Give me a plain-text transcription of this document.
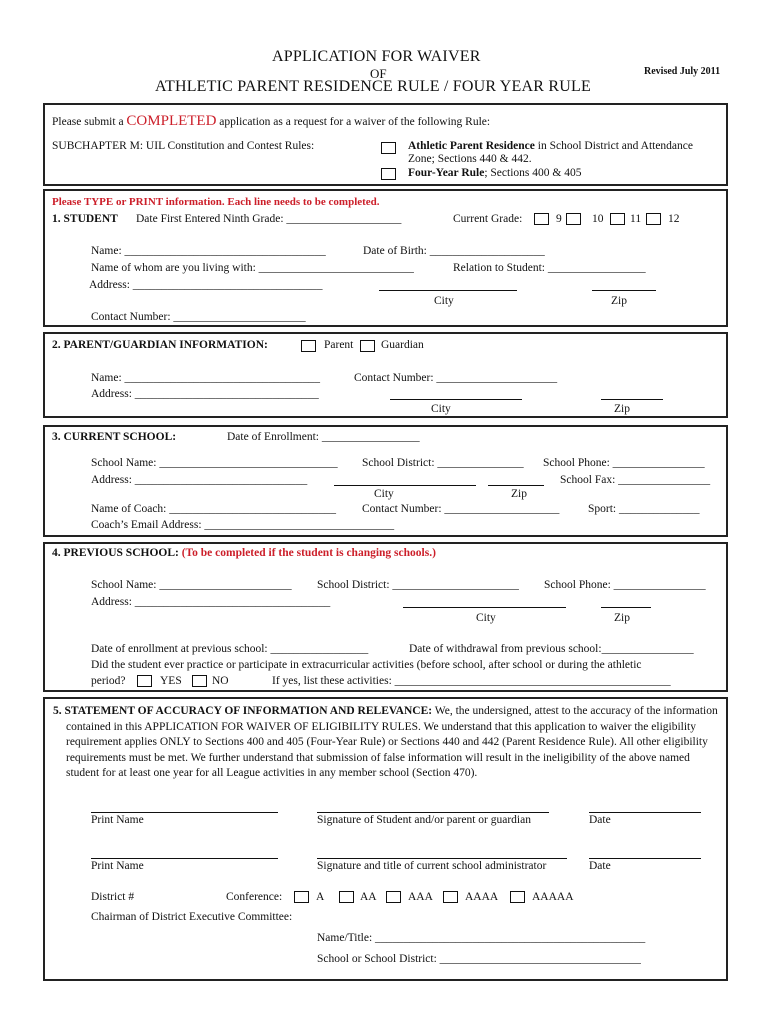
APPLICATION FOR WAIVER
OF
ATHLETIC PARENT RESIDENCE RULE / FOUR YEAR RULE
Revised July 2011
Please submit a COMPLETED application as a request for a waiver of the following Rule:
SUBCHAPTER M: UIL Constitution and Contest Rules:	Athletic Parent Residence in School District and Attendance
Zone; Sections 440 & 442.
Four-Year Rule; Sections 400 & 405
Please TYPE or PRINT information. Each line needs to be completed.
1. STUDENT Date First Entered Ninth Grade: ____________________	Current Grade:	9	10 11 12
Name: ___________________________________	Date of Birth: ____________________
Name of whom are you living with: ___________________________	Relation to Student: _________________
Address: _________________________________
City	Zip
Contact Number: _______________________
2. PARENT/GUARDIAN INFORMATION:	Parent Guardian
Name: __________________________________	Contact Number: _____________________
Address: ________________________________
City	Zip
3. CURRENT SCHOOL:	Date of Enrollment: _________________
School Name: _______________________________ School District: _______________ School Phone: ________________
Address: ______________________________	School Fax: ________________
City	Zip
Name of Coach: _____________________________ Contact Number: ____________________ Sport: ______________
Coach’s Email Address: _________________________________
4. PREVIOUS SCHOOL: (To be completed if the student is changing schools.)
School Name: _______________________ School District: ______________________ School Phone: ________________
Address: __________________________________
City	Zip
Date of enrollment at previous school: _________________	Date of withdrawal from previous school:________________
Did the student ever practice or participate in extracurricular activities (before school, after school or during the athletic
period?	YES	NO	If yes, list these activities: ________________________________________________
5. STATEMENT OF ACCURACY OF INFORMATION AND RELEVANCE: We, the undersigned, attest to the accuracy of the information contained in this APPLICATION FOR WAIVER OF ELIGIBILITY RULES. We understand that this application to waiver the eligibility requirement applies ONLY to Sections 400 and 405 (Four-Year Rule) or Sections 440 and 442 (Parent Residence Rule). All other eligibility requirements must be met. We further understand that submission of false information will result in the ineligibility of the above named student for at least one year for all League activities in any member school (Section 470).
Print Name	Signature of Student and/or parent or guardian	Date
Print Name	Signature and title of current school administrator	Date
District #	Conference:	A	AA	AAA	AAAA	AAAAA
Chairman of District Executive Committee:
Name/Title: _______________________________________________
School or School District: ___________________________________
